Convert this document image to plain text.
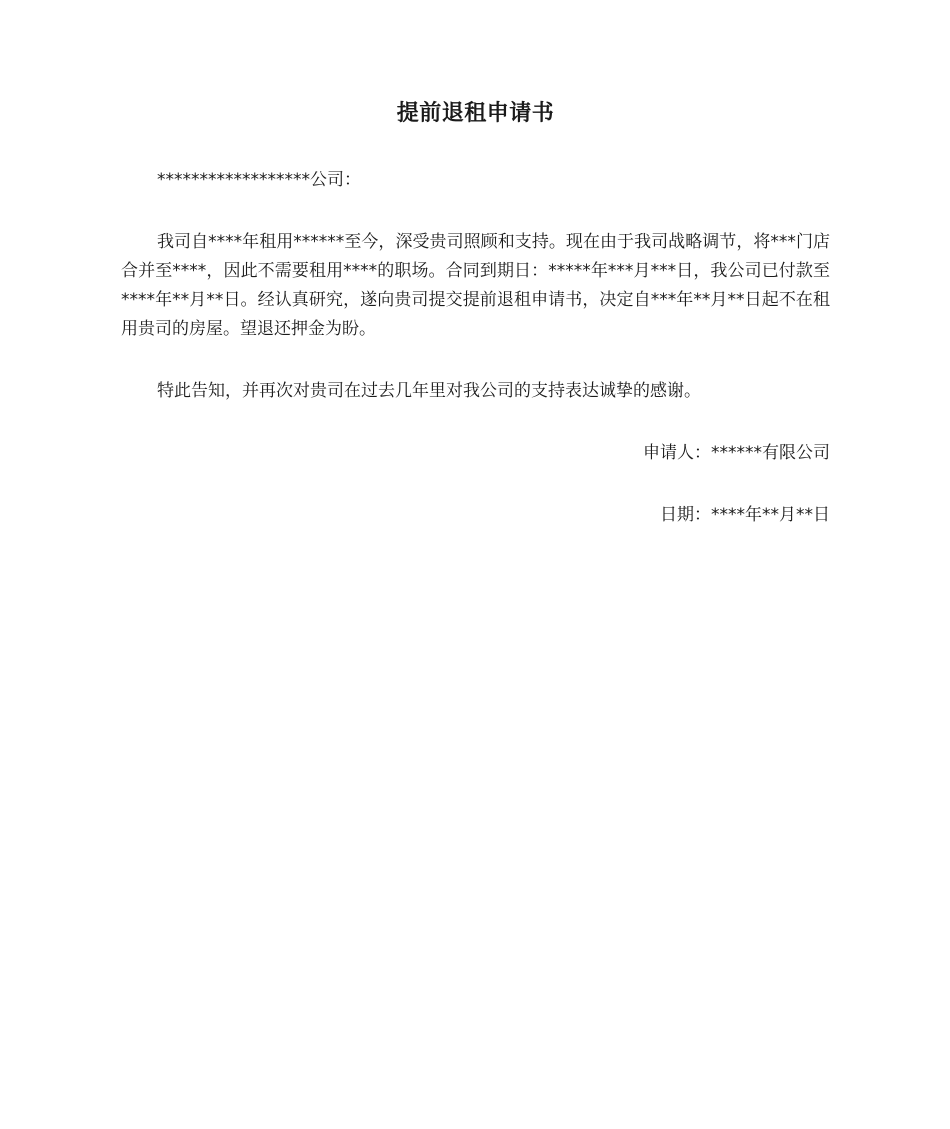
提前退租申请书

******************公司：

我司自****年租用******至今，深受贵司照顾和支持。现在由于我司战略调节，将***门店合并至****，因此不需要租用****的职场。合同到期日：*****年***月***日，我公司已付款至****年**月**日。经认真研究，遂向贵司提交提前退租申请书，决定自***年**月**日起不在租用贵司的房屋。望退还押金为盼。

特此告知，并再次对贵司在过去几年里对我公司的支持表达诚挚的感谢。

申请人：******有限公司

日期：****年**月**日
